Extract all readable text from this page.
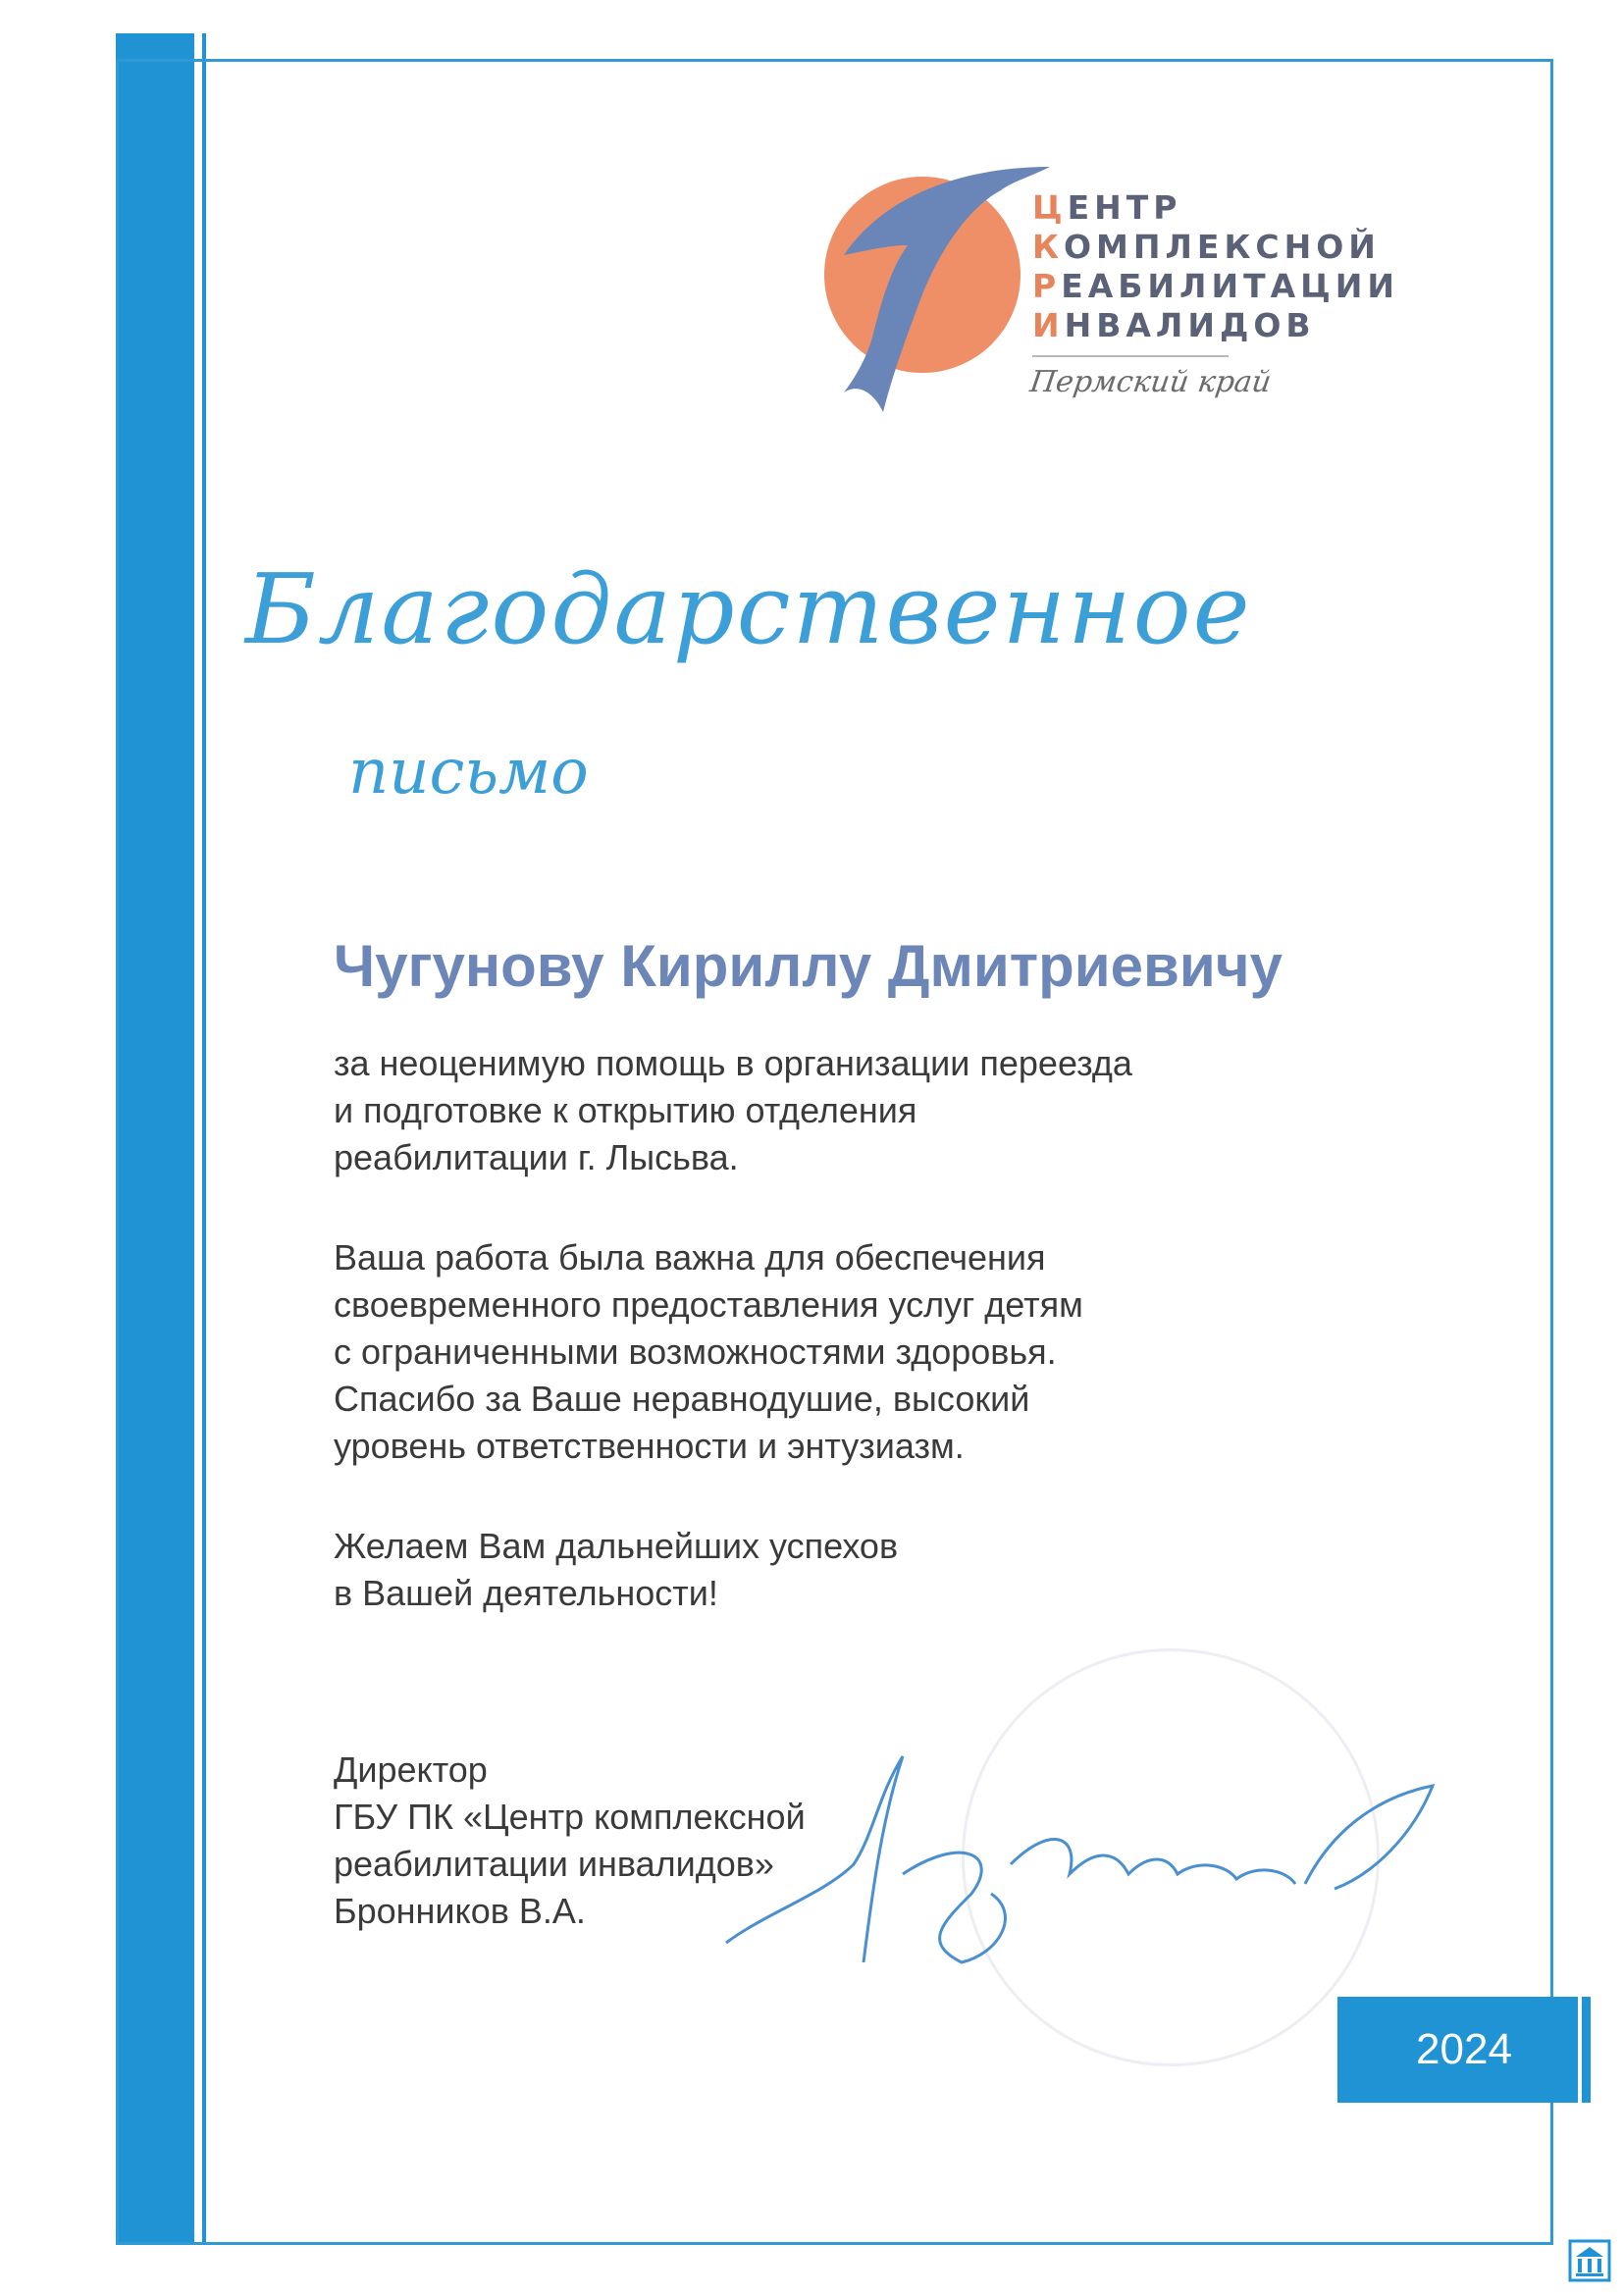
ЦЕНТР
КОМПЛЕКСНОЙ
РЕАБИЛИТАЦИИ
ИНВАЛИДОВ
Пермский край
Благодарственное
письмо
Чугунову Кириллу Дмитриевичу
за неоценимую помощь в организации переезда
и подготовке к открытию отделения
реабилитации г. Лысьва.
Ваша работа была важна для обеспечения
своевременного предоставления услуг детям
с ограниченными возможностями здоровья.
Спасибо за Ваше неравнодушие, высокий
уровень ответственности и энтузиазм.
Желаем Вам дальнейших успехов
в Вашей деятельности!
Директор
ГБУ ПК «Центр комплексной
реабилитации инвалидов»
Бронников В.А.
2024
